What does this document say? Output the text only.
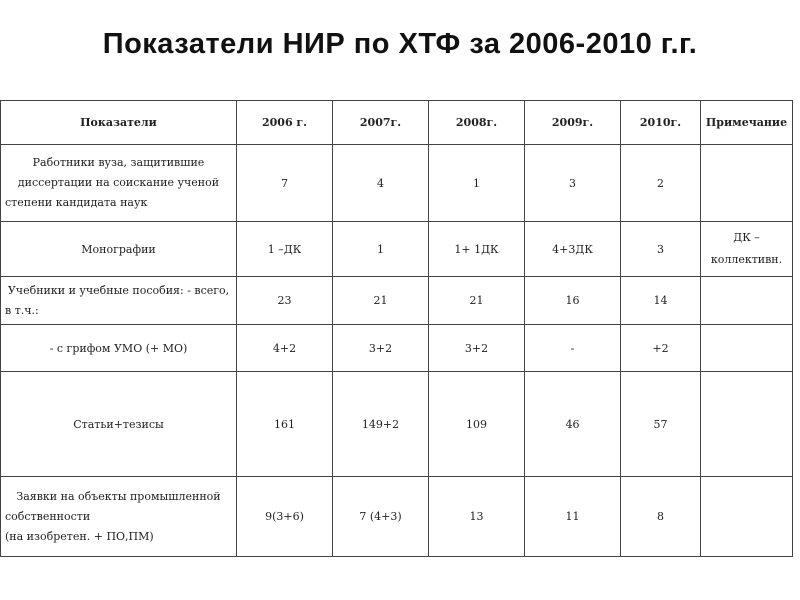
Показатели НИР по ХТФ за 2006-2010 г.г.
Показатели	2006 г.	2007г.	2008г.	2009г.	2010г.	Примечание
Работники вуза, защитившие диссертации на соискание ученой степени кандидата наук	7	4	1	3	2	
Монографии	1 –ДК	1	1+ 1ДК	4+3ДК	3	ДК – коллективн.
Учебники и учебные пособия: - всего, в т.ч.:	23	21	21	16	14	
- с грифом УМО (+ МО)	4+2	3+2	3+2	-	+2	
Статьи+тезисы	161	149+2	109	46	57	

Заявки на объекты промышленной собственности
(на изобретен. + ПО,ПМ)	9(3+6)	7 (4+3)	13	11	8	
